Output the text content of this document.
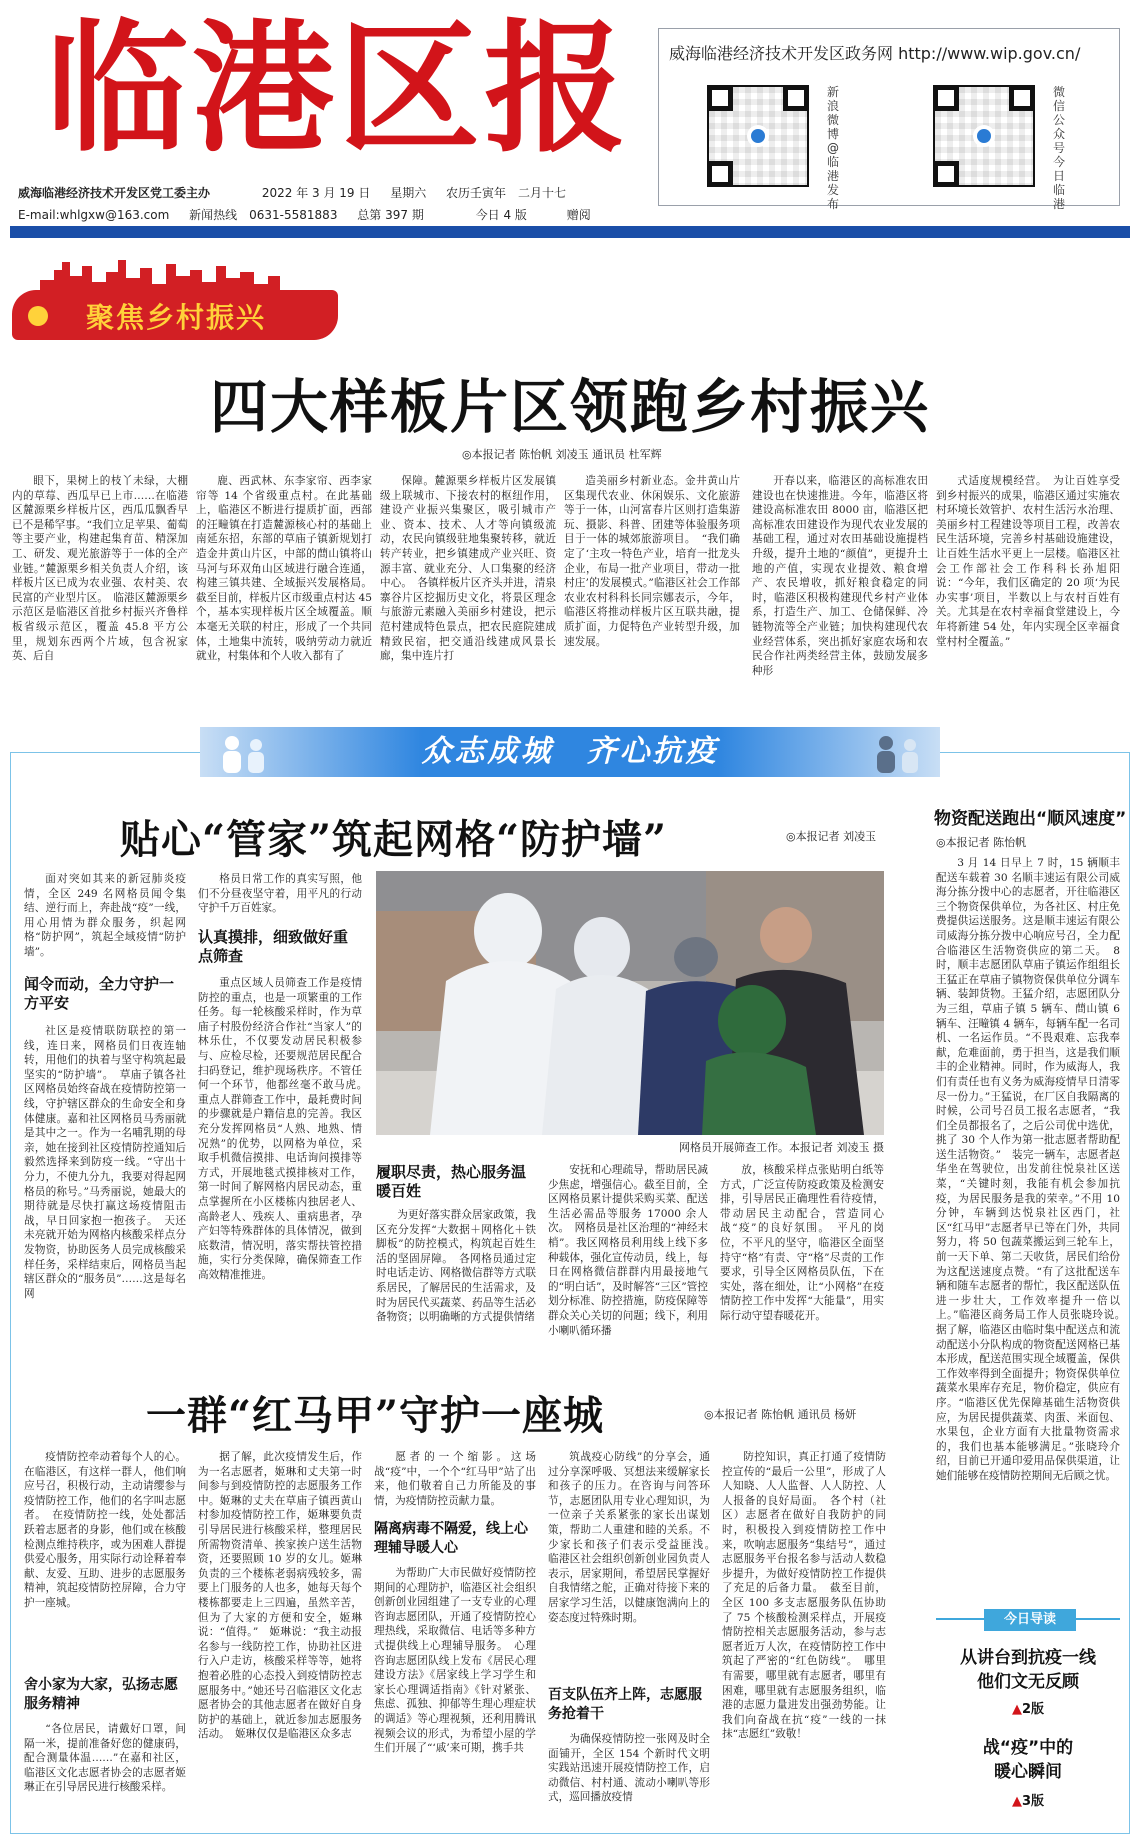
临港区报 威海临港经济技术开发区政务网 http://www.wip.gov.cn/
新浪微博@临港发布
微信公众号今日临港
威海临港经济技术开发区党工委主办	2022 年 3 月 19 日 星期六 农历壬寅年　二月十七
E-mail:whlgxw@163.com 新闻热线　0631-5581883 总第 397 期	今日 4 版	赠阅
聚焦乡村振兴
四大样板片区领跑乡村振兴
◎本报记者 陈怡帆 刘凌玉 通讯员 杜军辉

眼下，果树上的枝丫未绿，大棚内的草莓、西瓜早已上市……在临港区麓源栗乡样板片区，西瓜瓜飘香早已不是稀罕事。“我们立足苹果、葡萄等主要产业，构建起集育苗、精深加工、研发、观光旅游等于一体的全产业链。”麓源栗乡相关负责人介绍，该样板片区已成为农业强、农村美、农民富的产业型片区。　临港区麓源栗乡示范区是临港区首批乡村振兴齐鲁样板省级示范区，覆盖 45.8 平方公里，规划东西两个片域，包含祝家英、后自

鹿、西武林、东李家帘、西李家帘等 14 个省级重点村。在此基础上，临港区不断进行提质扩面，西部的汪疃镇在打造麓源核心村的基础上南延东招，东部的草庙子镇新规划打造金井黄山片区，中部的蔄山镇将山马河与环双角山区域进行融合连通，构建三镇共建、全域振兴发展格局。截至目前，样板片区市级重点村达 45 个，基本实现样板片区全域覆盖。顺本毫无关联的村庄，形成了一个共同体，土地集中流转，吸纳劳动力就近就业，村集体和个人收入都有了

保障。麓源栗乡样板片区发展镇级上联城市、下接农村的枢纽作用，建设产业振兴集聚区，吸引城市产业、资本、技术、人才等向镇级流动，农民向镇级驻地集聚转移，就近转产转业，把乡镇建成产业兴旺、资源丰富、就业充分、人口集聚的经济中心。　各镇样板片区齐头并进，清泉寨谷片区挖掘历史文化，将景区理念与旅游元素融入美丽乡村建设，把示范村建成特色景点，把农民庭院建成精致民宿，把交通沿线建成风景长廊，集中连片打

造美丽乡村新业态。金井黄山片区集现代农业、休闲娱乐、文化旅游等于一体，山河富春片区则打造集游玩、摄影、科普、团建等体验服务项目于一体的城郊旅游项目。　“我们确定了‘主攻一特色产业，培育一批龙头企业，布局一批产业项目，带动一批村庄’的发展模式。”临港区社会工作部农业农村科科长同宗娜表示，今年，临港区将推动样板片区互联共融，提质扩面，力促特色产业转型升级，加速发展。

开春以来，临港区的高标准农田建设也在快速推进。今年，临港区将建设高标准农田 8000 亩，临港区把高标准农田建设作为现代农业发展的基础工程，通过对农田基础设施提档升级，提升土地的“颜值”，更提升土地的产值，实现农业提效、粮食增产、农民增收，抓好粮食稳定的同时，临港区积极构建现代乡村产业体系，打造生产、加工、仓储保鲜、冷链物流等全产业链；加快构建现代农业经营体系，突出抓好家庭农场和农民合作社两类经营主体，鼓励发展多种形

式适度规模经营。　为让百姓享受到乡村振兴的成果，临港区通过实施农村环境长效管护、农村生活污水治理、美丽乡村工程建设等项目工程，改善农民生活环境，完善乡村基础设施建设，让百姓生活水平更上一层楼。临港区社会工作部社会工作科科长孙旭阳说：“今年，我们区确定的 20 项‘为民办实事’项目，半数以上与农村百姓有关。尤其是在农村幸福食堂建设上，今年将新建 54 处，年内实现全区幸福食堂村村全覆盖。”

众志成城　齐心抗疫
贴心“管家”筑起网格“防护墙”	◎本报记者 刘凌玉

面对突如其来的新冠肺炎疫情，全区 249 名网格员闻令集结、逆行而上，奔赴战“疫”一线，用心用情为群众服务，织起网格“防护网”，筑起全域疫情“防护墙”。

闻令而动，全力守护一方平安

社区是疫情联防联控的第一线，连日来，网格员们日夜连轴转，用他们的执着与坚守构筑起最坚实的“防护墙”。　草庙子镇各社区网格员始终奋战在疫情防控第一线，守护辖区群众的生命安全和身体健康。嘉和社区网格员马秀丽就是其中之一。作为一名哺乳期的母亲，她在接到社区疫情防控通知后毅然选择来到防疫一线。“守出十分力，不使九分九，我要对得起网格员的称号。”马秀丽说，她最大的期待就是尽快打赢这场疫情阻击战，早日回家抱一抱孩子。　天还未亮就开始为网格内核酸采样点分发物资，协助医务人员完成核酸采样任务，采样结束后，网格员当起辖区群众的“服务员”……这是每名网

格员日常工作的真实写照，他们不分昼夜坚守着，用平凡的行动守护千万百姓家。

认真摸排，细致做好重点筛查

重点区域人员筛查工作是疫情防控的重点，也是一项繁重的工作任务。每一轮核酸采样时，作为草庙子村股份经济合作社“当家人”的林乐仕，不仅要发动居民积极参与、应检尽检，还要规范居民配合扫码登记，维护现场秩序。不管任何一个环节，他都丝毫不敢马虎。　重点人群筛查工作中，最耗费时间的步骤就是户籍信息的完善。我区充分发挥网格员“人熟、地熟、情况熟”的优势，以网格为单位，采取手机微信摸排、电话询问摸排等方式，开展地毯式摸排核对工作，第一时间了解网格内居民动态，重点掌握所在小区楼栋内独居老人、高龄老人、残疾人、重病患者，孕产妇等特殊群体的具体情况，做到底数清，情况明，落实帮扶管控措施，实行分类保障，确保筛查工作高效精准推进。

网格员开展筛查工作。本报记者 刘凌玉 摄
履职尽责，热心服务温暖百姓

为更好落实群众居家政策，我区充分发挥“大数据＋网格化＋铁脚板”的防控模式，构筑起百姓生活的坚固屏障。　各网格员通过定时电话走访、网格微信群等方式联系居民，了解居民的生活需求，及时为居民代买蔬菜、药品等生活必备物资；以明确晰的方式提供情绪

安抚和心理疏导，帮助居民减少焦虑，增强信心。截至目前，全区网格员累计提供采购买菜、配送生活必需品等服务 17000 余人次。　网格员是社区治理的“神经末梢”。我区网格员利用线上线下多种载体，强化宣传动员，线上，每日在网格微信群群内用最接地气的“明白话”，及时解答“三区”管控划分标准、防控措施，防疫保障等群众关心关切的问题；线下，利用小喇叭循环播

放，核酸采样点张贴明白纸等方式，广泛宣传防疫政策及检测安排，引导居民正确理性看待疫情，带动居民主动配合，营造同心战“疫”的良好氛围。　平凡的岗位，不平凡的坚守，临港区全面坚持守“格”有责、守“格”尽责的工作要求，引导全区网格员队伍，下在实处，落在细处，让“小网格”在疫情防控工作中发挥“大能量”，用实际行动守望春暖花开。

物资配送跑出“顺风速度”
◎本报记者 陈怡帆

3 月 14 日早上 7 时，15 辆顺丰配送车载着 30 名顺丰速运有限公司威海分拣分拨中心的志愿者，开往临港区三个物资保供单位，为各社区、村庄免费提供运送服务。这是顺丰速运有限公司威海分拣分拨中心响应号召，全力配合临港区生活物资供应的第二天。　8 时，顺丰志愿团队草庙子镇运作组组长王猛正在草庙子镇物资保供单位分调车辆、装卸货物。王猛介绍，志愿团队分为三组，草庙子镇 5 辆车、蔄山镇 6 辆车、汪疃镇 4 辆车，每辆车配一名司机、一名运作员。“不畏艰难、忘我奉献，危难面前，勇于担当，这是我们顺丰的企业精神。同时，作为威海人，我们有责任也有义务为威海疫情早日清零尽一份力。”王猛说，在厂区自我隔离的时候，公司号召员工报名志愿者，“我们全员都报名了，之后公司优中选优，挑了 30 个人作为第一批志愿者帮助配送生活物资。”　装完一辆车，志愿者赵华坐在驾驶位，出发前往悦泉社区送菜，“关键时刻，我能有机会参加抗疫，为居民服务是我的荣幸。”不用 10 分钟，车辆到达悦泉社区西门，社区“红马甲”志愿者早已等在门外，共同努力，将 50 包蔬菜搬运到三轮车上，前一天下单、第二天收货，居民们给份为这配送速度点赞。“有了这批配送车辆和随车志愿者的帮忙，我区配送队伍进一步壮大，工作效率提升一倍以上。”临港区商务局工作人员张晓玲说。　据了解，临港区由临时集中配送点和流动配送小分队构成的物资配送网格已基本形成，配送范围实现全域覆盖，保供工作效率得到全面提升；物资保供单位蔬菜水果库存充足，物价稳定，供应有序。“临港区优先保障基础生活物资供应，为居民提供蔬菜、肉蛋、米面包、水果包，企业方面有大批量物资需求的，我们也基本能够满足。”张晓玲介绍，目前已开通印爱用品保供渠道，让她们能够在疫情防控期间无后顾之忧。

一群“红马甲”守护一座城	◎本报记者 陈怡帆 通讯员 杨妍

疫情防控牵动着每个人的心。在临港区，有这样一群人，他们响应号召，积极行动，主动请缨参与疫情防控工作，他们的名字叫志愿者。　在疫情防控一线，处处都活跃着志愿者的身影，他们或在核酸检测点维持秩序，或为困难人群提供爱心服务，用实际行动诠释着奉献、友爱、互助、进步的志愿服务精神，筑起疫情防控屏障，合力守护一座城。

舍小家为大家，弘扬志愿服务精神

“各位居民，请戴好口罩，间隔一米，提前准备好您的健康码，配合测量体温……”在嘉和社区，临港区文化志愿者协会的志愿者姬琳正在引导居民进行核酸采样。

据了解，此次疫情发生后，作为一名志愿者，姬琳和丈夫第一时间参与到疫情防控的志愿服务工作中。姬琳的丈夫在草庙子镇西黄山村参加疫情防控工作，姬琳要负责引导居民进行核酸采样，整理居民所需物资清单、挨家挨户送生活物资，还要照顾 10 岁的女儿。姬琳负责的三个楼栋老弱病残较多，需要上门服务的人也多，她每天每个楼栋都要走上三四遍，虽然辛苦，但为了大家的方便和安全，姬琳说：“值得。”　姬琳说：“我主动报名参与一线防控工作，协助社区进行入户走访，核酸采样等等，她将抱着必胜的心态投入到疫情防控志愿服务中。”她还号召临港区文化志愿者协会的其他志愿者在做好自身防护的基础上，就近参加志愿服务活动。　姬琳仅仅是临港区众多志

愿者的一个缩影。这场战“疫”中，一个个“红马甲”站了出来，他们敬着自己力所能及的事情，为疫情防控贡献力量。

隔离病毒不隔爱，线上心理辅导暖人心

为帮助广大市民做好疫情防控期间的心理防护，临港区社会组织创新创业园组建了一支专业的心理咨询志愿团队，开通了疫情防控心理热线，采取微信、电话等多种方式提供线上心理辅导服务。　心理咨询志愿团队线上发布《居民心理建设方法》《居家线上学习学生和家长心理调适指南》《针对紧张、焦虑、孤独、抑郁等生理心理症状的调适》等心理视频，还利用腾讯视频会议的形式，为希望小屋的学生们开展了“‘戚’来可期，携手共

筑战疫心防线”的分享会，通过分享深呼吸、冥想法来缓解家长和孩子的压力。在咨询与问答环节，志愿团队用专业心理知识，为一位亲子关系紧张的家长出谋划策，帮助二人重建和睦的关系。不少家长和孩子们表示受益匪浅。　临港区社会组织创新创业园负责人表示，居家期间，希望居民掌握好自我情绪之舵，正确对待接下来的居家学习生活，以健康饱满向上的姿态度过特殊时期。

百支队伍齐上阵，志愿服务抢着干

为确保疫情防控一张网及时全面铺开，全区 154 个新时代文明实践站迅速开展疫情防控工作，启动微信、村村通、流动小喇叭等形式，巡回播放疫情

防控知识，真正打通了疫情防控宣传的“最后一公里”，形成了人人知晓、人人监督、人人防控、人人报备的良好局面。　各个村（社区）志愿者在做好自我防护的同时，积极投入到疫情防控工作中来，吹响志愿服务“集结号”，通过志愿服务平台报名参与活动人数稳步提升，为做好疫情防控工作提供了充足的后备力量。　截至目前，全区 100 多支志愿服务队伍协助了 75 个核酸检测采样点，开展疫情防控相关志愿服务活动，参与志愿者近万人次，在疫情防控工作中筑起了严密的“红色防线”。　哪里有需要，哪里就有志愿者，哪里有困难，哪里就有志愿服务组织，临港的志愿力量进发出强劲势能。让我们向奋战在抗“疫”一线的一抹抹“志愿红”致敬！

今日导读
从讲台到抗疫一线
他们文无反顾
▲2版
战“疫”中的
暖心瞬间
▲3版
